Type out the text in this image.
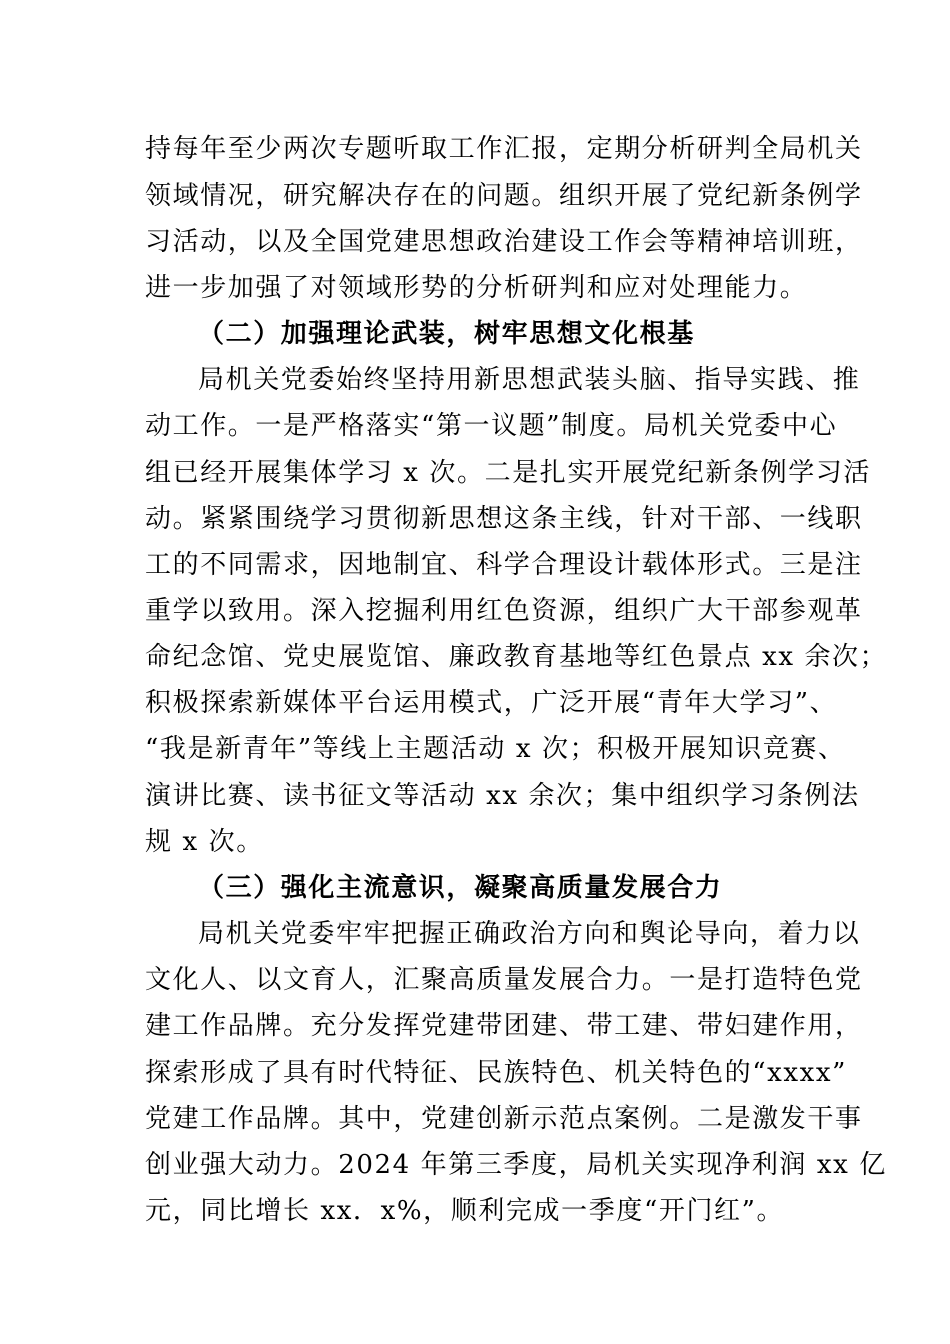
持每年至少两次专题听取工作汇报，定期分析研判全局机关
领域情况，研究解决存在的问题。组织开展了党纪新条例学
习活动，以及全国党建思想政治建设工作会等精神培训班，
进一步加强了对领域形势的分析研判和应对处理能力。
（二）加强理论武装，树牢思想文化根基
局机关党委始终坚持用新思想武装头脑、指导实践、推
动工作。一是严格落实“第一议题”制度。局机关党委中心
组已经开展集体学习 x 次。二是扎实开展党纪新条例学习活
动。紧紧围绕学习贯彻新思想这条主线，针对干部、一线职
工的不同需求，因地制宜、科学合理设计载体形式。三是注
重学以致用。深入挖掘利用红色资源，组织广大干部参观革
命纪念馆、党史展览馆、廉政教育基地等红色景点 xx 余次；
积极探索新媒体平台运用模式，广泛开展“青年大学习”、
“我是新青年”等线上主题活动 x 次；积极开展知识竞赛、
演讲比赛、读书征文等活动 xx 余次；集中组织学习条例法
规 x 次。
（三）强化主流意识，凝聚高质量发展合力
局机关党委牢牢把握正确政治方向和舆论导向，着力以
文化人、以文育人，汇聚高质量发展合力。一是打造特色党
建工作品牌。充分发挥党建带团建、带工建、带妇建作用，
探索形成了具有时代特征、民族特色、机关特色的“xxxx”
党建工作品牌。其中，党建创新示范点案例。二是激发干事
创业强大动力。2024 年第三季度，局机关实现净利润 xx 亿
元，同比增长 xx．x%，顺利完成一季度“开门红”。
